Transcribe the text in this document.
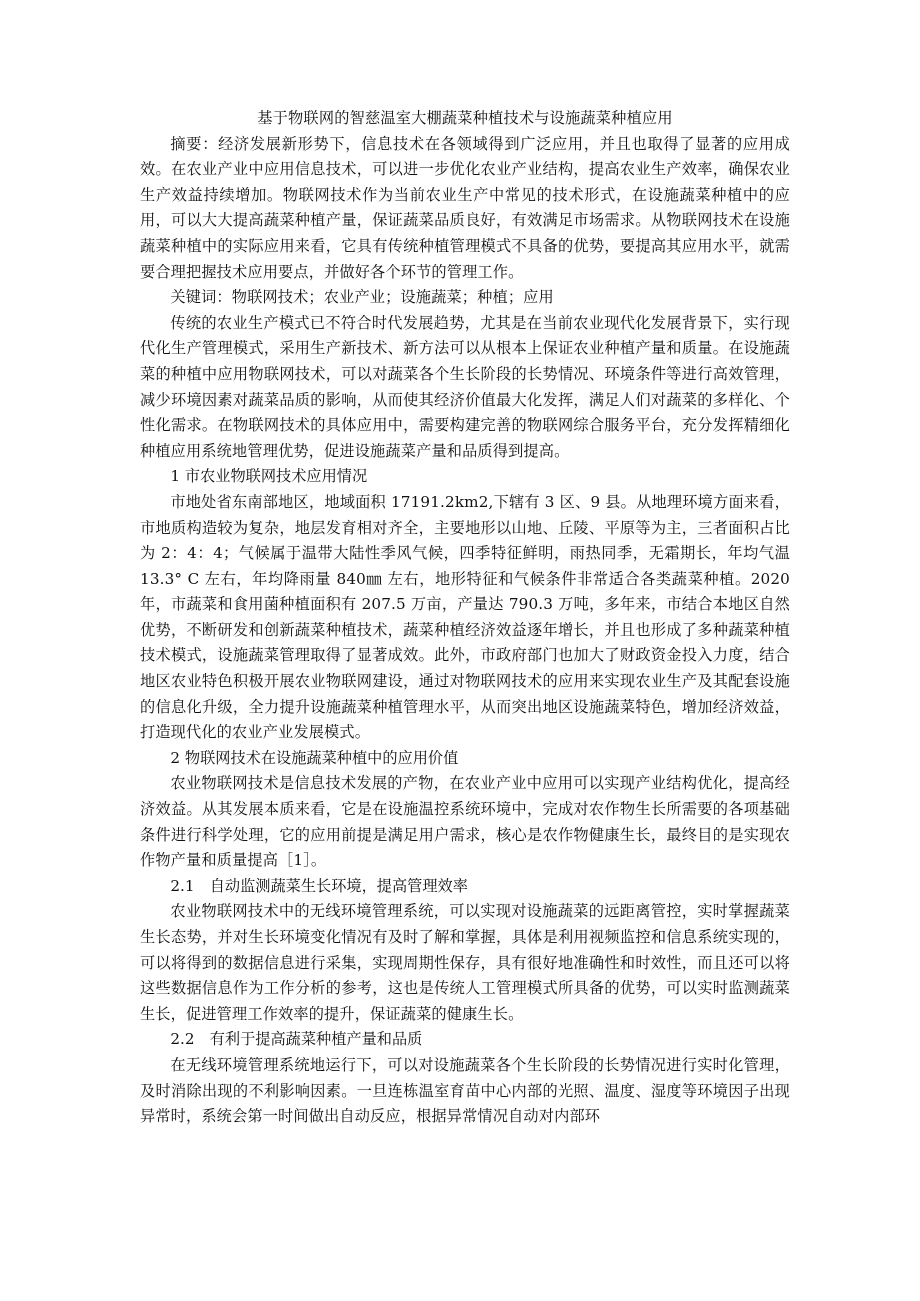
基于物联网的智慈温室大棚蔬菜种植技术与设施蔬菜种植应用

摘要：经济发展新形势下，信息技术在各领域得到广泛应用，并且也取得了显著的应用成效。在农业产业中应用信息技术，可以进一步优化农业产业结构，提高农业生产效率，确保农业生产效益持续增加。物联网技术作为当前农业生产中常见的技术形式，在设施蔬菜种植中的应用，可以大大提高蔬菜种植产量，保证蔬菜品质良好，有效满足市场需求。从物联网技术在设施蔬菜种植中的实际应用来看，它具有传统种植管理模式不具备的优势，要提高其应用水平，就需要合理把握技术应用要点，并做好各个环节的管理工作。

关键词：物联网技术；农业产业；设施蔬菜；种植；应用

传统的农业生产模式已不符合时代发展趋势，尤其是在当前农业现代化发展背景下，实行现代化生产管理模式，采用生产新技术、新方法可以从根本上保证农业种植产量和质量。在设施蔬菜的种植中应用物联网技术，可以对蔬菜各个生长阶段的长势情况、环境条件等进行高效管理，减少环境因素对蔬菜品质的影响，从而使其经济价值最大化发挥，满足人们对蔬菜的多样化、个性化需求。在物联网技术的具体应用中，需要构建完善的物联网综合服务平台，充分发挥精细化种植应用系统地管理优势，促进设施蔬菜产量和品质得到提高。

1 市农业物联网技术应用情况

市地处省东南部地区，地域面积 17191.2km2,下辖有 3 区、9 县。从地理环境方面来看，市地质构造较为复杂，地层发育相对齐全，主要地形以山地、丘陵、平原等为主，三者面积占比为 2：4：4；气候属于温带大陆性季风气候，四季特征鲜明，雨热同季，无霜期长，年均气温 13.3° C 左右，年均降雨量 840㎜ 左右，地形特征和气候条件非常适合各类蔬菜种植。2020 年，市蔬菜和食用菌种植面积有 207.5 万亩，产量达 790.3 万吨，多年来，市结合本地区自然优势，不断研发和创新蔬菜种植技术，蔬菜种植经济效益逐年增长，并且也形成了多种蔬菜种植技术模式，设施蔬菜管理取得了显著成效。此外，市政府部门也加大了财政资金投入力度，结合地区农业特色积极开展农业物联网建设，通过对物联网技术的应用来实现农业生产及其配套设施的信息化升级，全力提升设施蔬菜种植管理水平，从而突出地区设施蔬菜特色，增加经济效益，打造现代化的农业产业发展模式。

2 物联网技术在设施蔬菜种植中的应用价值

农业物联网技术是信息技术发展的产物，在农业产业中应用可以实现产业结构优化，提高经济效益。从其发展本质来看，它是在设施温控系统环境中，完成对农作物生长所需要的各项基础条件进行科学处理，它的应用前提是满足用户需求，核心是农作物健康生长，最终目的是实现农作物产量和质量提高［1］。

2.1　自动监测蔬菜生长环境，提高管理效率

农业物联网技术中的无线环境管理系统，可以实现对设施蔬菜的远距离管控，实时掌握蔬菜生长态势，并对生长环境变化情况有及时了解和掌握，具体是利用视频监控和信息系统实现的，可以将得到的数据信息进行采集，实现周期性保存，具有很好地准确性和时效性，而且还可以将这些数据信息作为工作分析的参考，这也是传统人工管理模式所具备的优势，可以实时监测蔬菜生长，促进管理工作效率的提升，保证蔬菜的健康生长。

2.2　有利于提高蔬菜种植产量和品质

在无线环境管理系统地运行下，可以对设施蔬菜各个生长阶段的长势情况进行实时化管理，及时消除出现的不利影响因素。一旦连栋温室育苗中心内部的光照、温度、湿度等环境因子出现异常时，系统会第一时间做出自动反应，根据异常情况自动对内部环
